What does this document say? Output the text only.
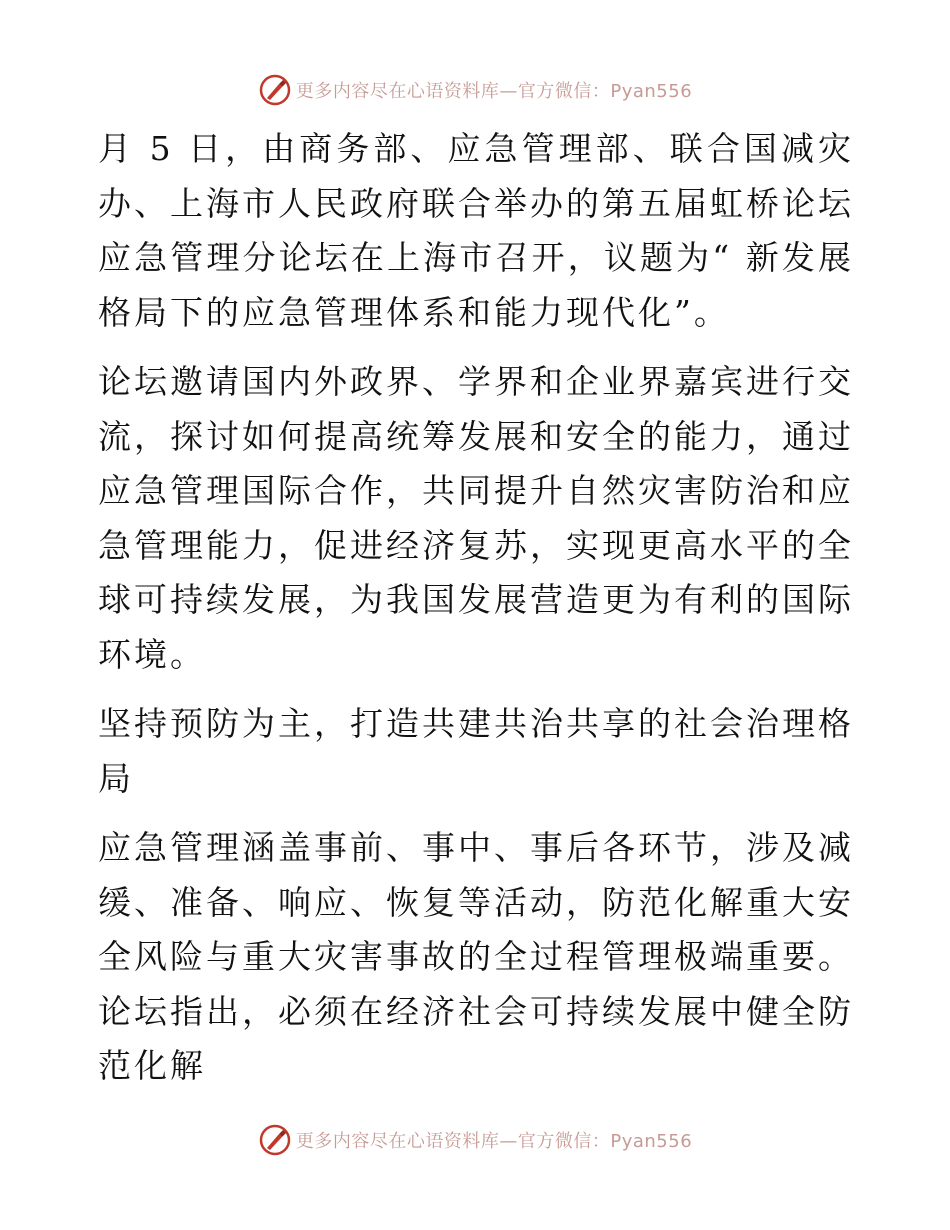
更多内容尽在心语资料库—官方微信：Pyan556

月 5 日，由商务部、应急管理部、联合国减灾办、上海市人民政府联合举办的第五届虹桥论坛应急管理分论坛在上海市召开，议题为“ 新发展格局下的应急管理体系和能力现代化”。

论坛邀请国内外政界、学界和企业界嘉宾进行交流，探讨如何提高统筹发展和安全的能力，通过应急管理国际合作，共同提升自然灾害防治和应急管理能力，促进经济复苏，实现更高水平的全球可持续发展，为我国发展营造更为有利的国际环境。

坚持预防为主，打造共建共治共享的社会治理格局

应急管理涵盖事前、事中、事后各环节，涉及减缓、准备、响应、恢复等活动，防范化解重大安全风险与重大灾害事故的全过程管理极端重要。论坛指出，必须在经济社会可持续发展中健全防范化解

更多内容尽在心语资料库—官方微信：Pyan556
